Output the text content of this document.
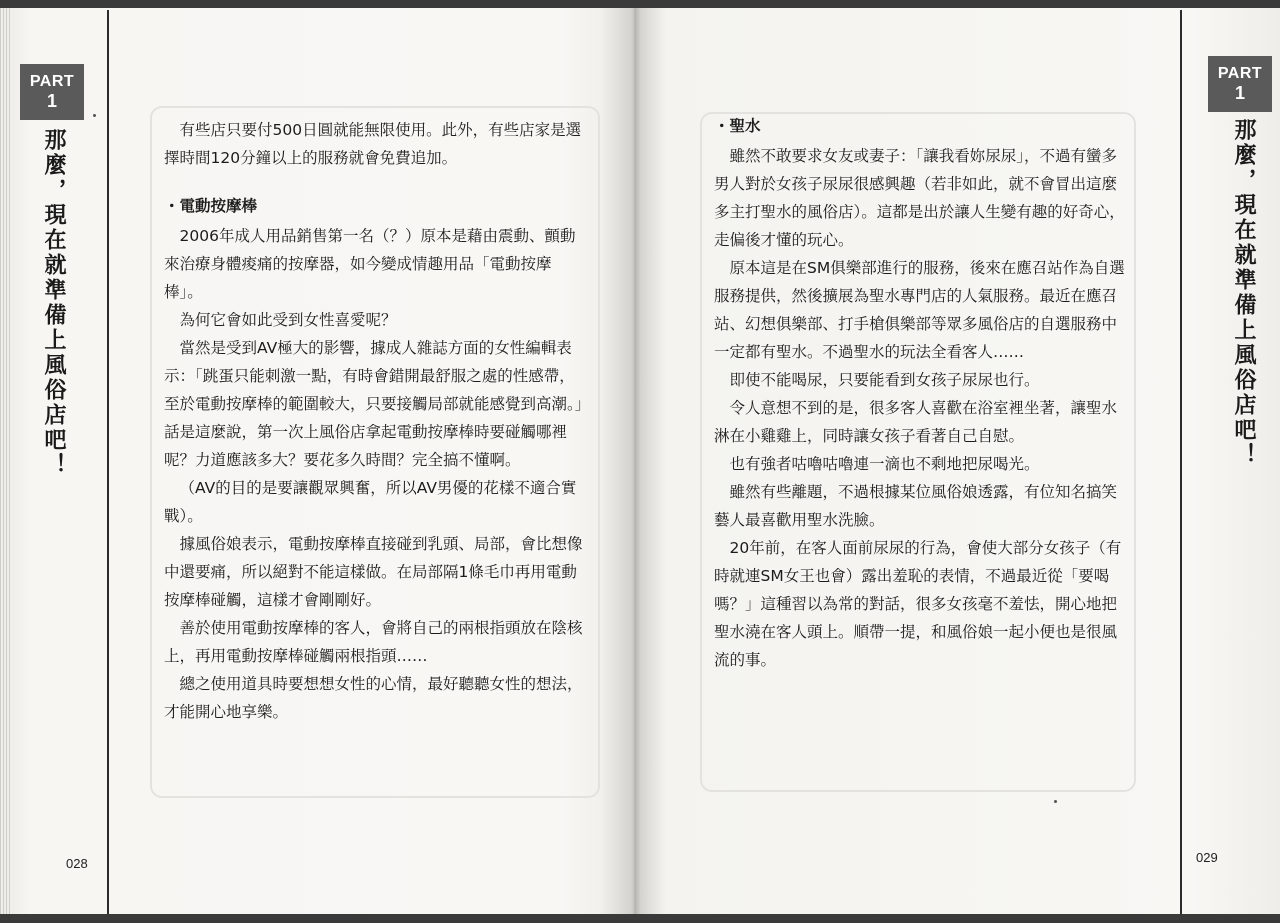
PART
1
那麼，現在就準備上風俗店吧！
PART
1
那麼，現在就準備上風俗店吧！

有些店只要付500日圓就能無限使用。此外，有些店家是選擇時間120分鐘以上的服務就會免費追加。

・電動按摩棒

2006年成人用品銷售第一名（？）原本是藉由震動、顫動來治療身體痠痛的按摩器，如今變成情趣用品「電動按摩棒」。

為何它會如此受到女性喜愛呢？

當然是受到AV極大的影響，據成人雜誌方面的女性編輯表示：「跳蛋只能刺激一點，有時會錯開最舒服之處的性感帶，至於電動按摩棒的範圍較大，只要接觸局部就能感覺到高潮。」話是這麼說，第一次上風俗店拿起電動按摩棒時要碰觸哪裡呢？力道應該多大？要花多久時間？完全搞不懂啊。

（AV的目的是要讓觀眾興奮，所以AV男優的花樣不適合實戰）。

據風俗娘表示，電動按摩棒直接碰到乳頭、局部，會比想像中還要痛，所以絕對不能這樣做。在局部隔1條毛巾再用電動按摩棒碰觸，這樣才會剛剛好。

善於使用電動按摩棒的客人，會將自己的兩根指頭放在陰核上，再用電動按摩棒碰觸兩根指頭……

總之使用道具時要想想女性的心情，最好聽聽女性的想法，才能開心地享樂。

・聖水

雖然不敢要求女友或妻子：「讓我看妳尿尿」，不過有蠻多男人對於女孩子尿尿很感興趣（若非如此，就不會冒出這麼多主打聖水的風俗店）。這都是出於讓人生變有趣的好奇心，走偏後才懂的玩心。

原本這是在SM俱樂部進行的服務，後來在應召站作為自選服務提供，然後擴展為聖水專門店的人氣服務。最近在應召站、幻想俱樂部、打手槍俱樂部等眾多風俗店的自選服務中一定都有聖水。不過聖水的玩法全看客人……

即使不能喝尿，只要能看到女孩子尿尿也行。

令人意想不到的是，很多客人喜歡在浴室裡坐著，讓聖水淋在小雞雞上，同時讓女孩子看著自己自慰。

也有強者咕嚕咕嚕連一滴也不剩地把尿喝光。

雖然有些離題，不過根據某位風俗娘透露，有位知名搞笑藝人最喜歡用聖水洗臉。

20年前，在客人面前尿尿的行為，會使大部分女孩子（有時就連SM女王也會）露出羞恥的表情，不過最近從「要喝嗎？」這種習以為常的對話，很多女孩毫不羞怯，開心地把聖水澆在客人頭上。順帶一提，和風俗娘一起小便也是很風流的事。

028	029
